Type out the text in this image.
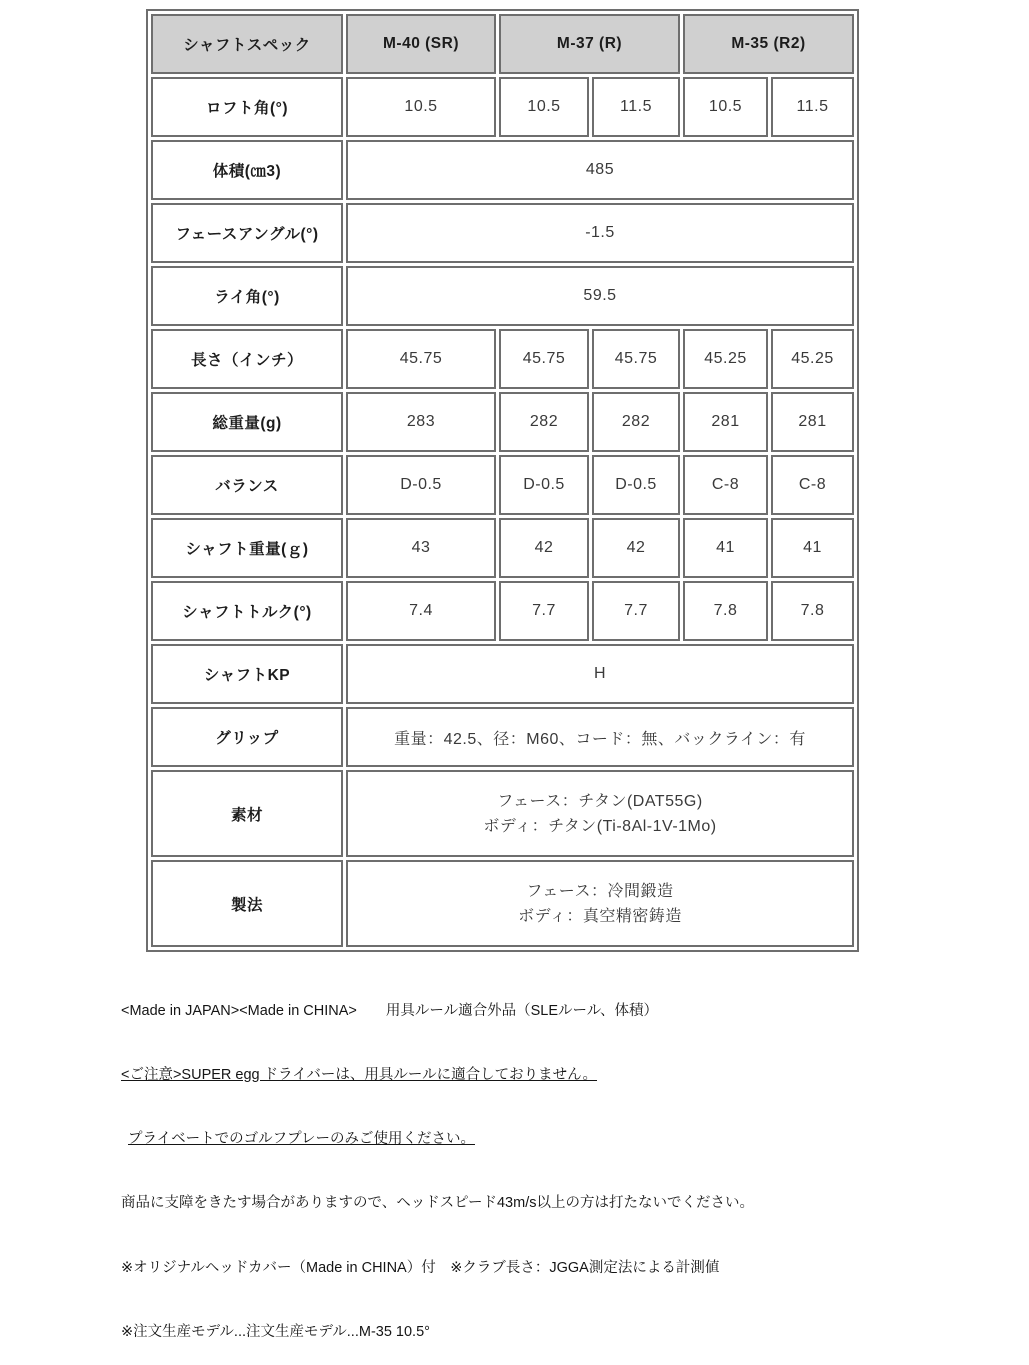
シャフトスペック	M-40 (SR)	M-37 (R)		M-35 (R2)	
ロフト角(°)	10.5	10.5	11.5	10.5	11.5
体積(㎝3)	485				
フェースアングル(°)	-1.5				
ライ角(°)	59.5				
長さ（インチ）	45.75	45.75	45.75	45.25	45.25
総重量(g)	283	282	282	281	281
バランス	D-0.5	D-0.5	D-0.5	C-8	C-8
シャフト重量(ｇ)	43	42	42	41	41
シャフトトルク(°)	7.4	7.7	7.7	7.8	7.8
シャフトKP	H				
グリップ	重量：42.5、径：M60、コード：無、バックライン：有				
素材	フェース：チタン(DAT55G)
ボディ：チタン(Ti-8Al-1V-1Mo)				

製法	フェース：冷間鍛造
ボディ：真空精密鋳造				

<Made in JAPAN><Made in CHINA>　　用具ルール適合外品（SLEルール、体積）

<ご注意>SUPER egg ドライバーは、用具ルールに適合しておりません。

プライベートでのゴルフプレーのみご使用ください。

商品に支障をきたす場合がありますので、ヘッドスピード43m/s以上の方は打たないでください。

※オリジナルヘッドカバー（Made in CHINA）付　※クラブ長さ：JGGA測定法による計測値

※注文生産モデル...注文生産モデル...M-35 10.5°
